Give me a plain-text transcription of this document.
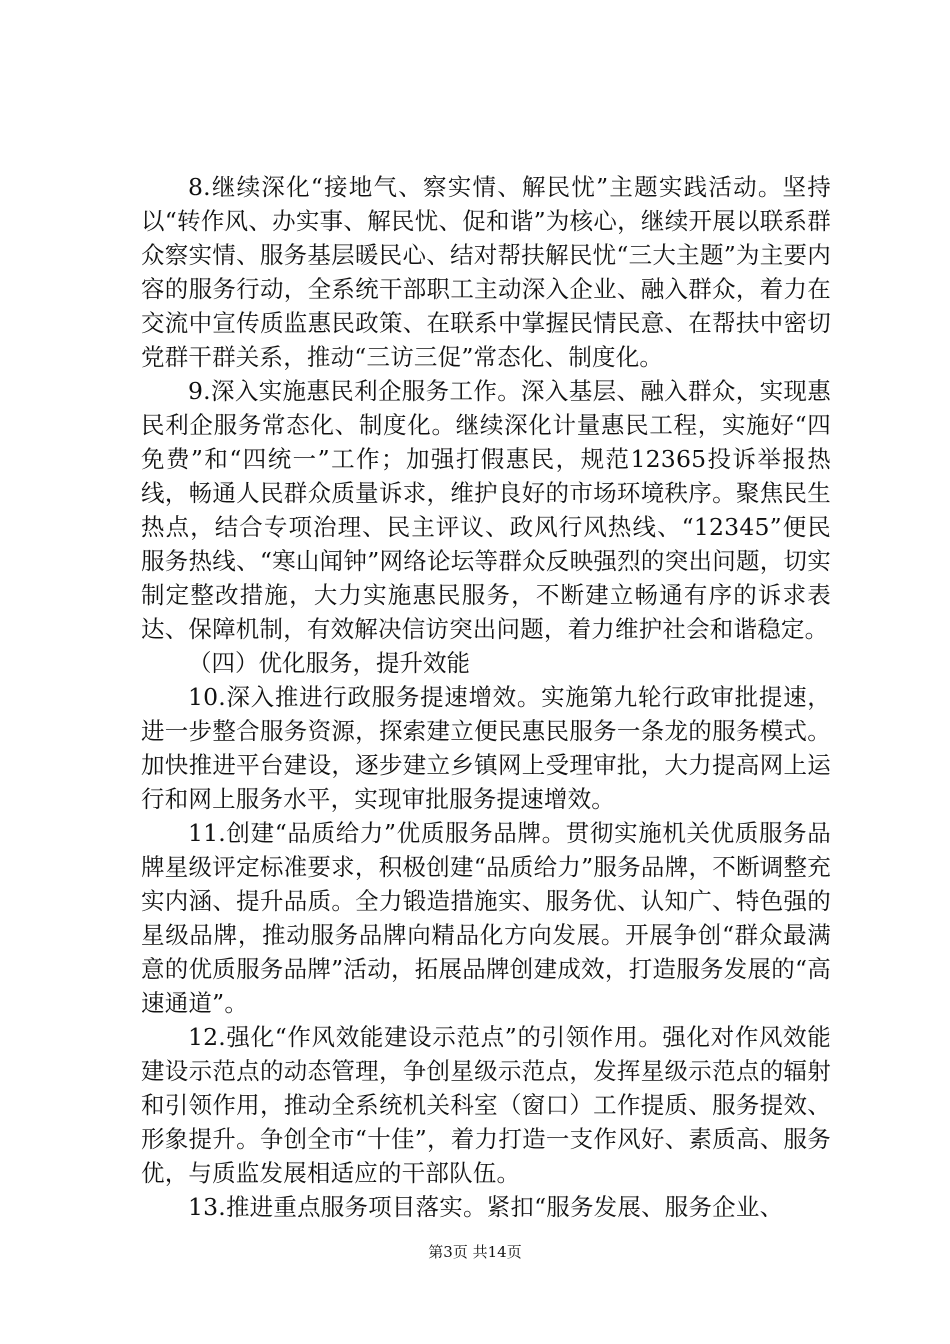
8.继续深化“接地气、察实情、解民忧”主题实践活动。坚持以“转作风、办实事、解民忧、促和谐”为核心，继续开展以联系群众察实情、服务基层暖民心、结对帮扶解民忧“三大主题”为主要内容的服务行动，全系统干部职工主动深入企业、融入群众，着力在交流中宣传质监惠民政策、在联系中掌握民情民意、在帮扶中密切党群干群关系，推动“三访三促”常态化、制度化。

9.深入实施惠民利企服务工作。深入基层、融入群众，实现惠民利企服务常态化、制度化。继续深化计量惠民工程，实施好“四免费”和“四统一”工作；加强打假惠民，规范12365投诉举报热线，畅通人民群众质量诉求，维护良好的市场环境秩序。聚焦民生热点，结合专项治理、民主评议、政风行风热线、“12345”便民服务热线、“寒山闻钟”网络论坛等群众反映强烈的突出问题，切实制定整改措施，大力实施惠民服务，不断建立畅通有序的诉求表达、保障机制，有效解决信访突出问题，着力维护社会和谐稳定。

（四）优化服务，提升效能

10.深入推进行政服务提速增效。实施第九轮行政审批提速，进一步整合服务资源，探索建立便民惠民服务一条龙的服务模式。加快推进平台建设，逐步建立乡镇网上受理审批，大力提高网上运行和网上服务水平，实现审批服务提速增效。

11.创建“品质给力”优质服务品牌。贯彻实施机关优质服务品牌星级评定标准要求，积极创建“品质给力”服务品牌，不断调整充实内涵、提升品质。全力锻造措施实、服务优、认知广、特色强的星级品牌，推动服务品牌向精品化方向发展。开展争创“群众最满意的优质服务品牌”活动，拓展品牌创建成效，打造服务发展的“高速通道”。

12.强化“作风效能建设示范点”的引领作用。强化对作风效能建设示范点的动态管理，争创星级示范点，发挥星级示范点的辐射和引领作用，推动全系统机关科室（窗口）工作提质、服务提效、形象提升。争创全市“十佳”，着力打造一支作风好、素质高、服务优，与质监发展相适应的干部队伍。

13.推进重点服务项目落实。紧扣“服务发展、服务企业、

第3页 共14页
